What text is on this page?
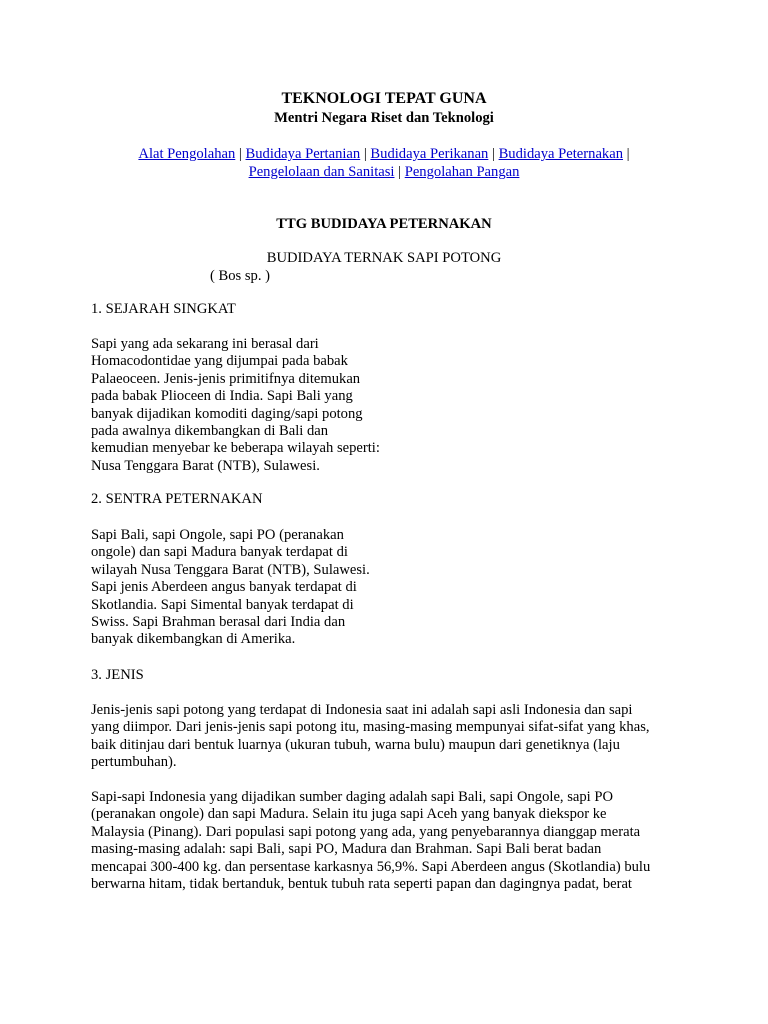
TEKNOLOGI TEPAT GUNA
Mentri Negara Riset dan Teknologi
Alat Pengolahan | Budidaya Pertanian | Budidaya Perikanan | Budidaya Peternakan |
Pengelolaan dan Sanitasi | Pengolahan Pangan
TTG BUDIDAYA PETERNAKAN
BUDIDAYA TERNAK SAPI POTONG
( Bos sp. )
1. SEJARAH SINGKAT
Sapi yang ada sekarang ini berasal dari
Homacodontidae yang dijumpai pada babak
Palaeoceen. Jenis-jenis primitifnya ditemukan
pada babak Plioceen di India. Sapi Bali yang
banyak dijadikan komoditi daging/sapi potong
pada awalnya dikembangkan di Bali dan
kemudian menyebar ke beberapa wilayah seperti:
Nusa Tenggara Barat (NTB), Sulawesi.
2. SENTRA PETERNAKAN
Sapi Bali, sapi Ongole, sapi PO (peranakan
ongole) dan sapi Madura banyak terdapat di
wilayah Nusa Tenggara Barat (NTB), Sulawesi.
Sapi jenis Aberdeen angus banyak terdapat di
Skotlandia. Sapi Simental banyak terdapat di
Swiss. Sapi Brahman berasal dari India dan
banyak dikembangkan di Amerika.
3. JENIS
Jenis-jenis sapi potong yang terdapat di Indonesia saat ini adalah sapi asli Indonesia dan sapi
yang diimpor. Dari jenis-jenis sapi potong itu, masing-masing mempunyai sifat-sifat yang khas,
baik ditinjau dari bentuk luarnya (ukuran tubuh, warna bulu) maupun dari genetiknya (laju
pertumbuhan).
Sapi-sapi Indonesia yang dijadikan sumber daging adalah sapi Bali, sapi Ongole, sapi PO
(peranakan ongole) dan sapi Madura. Selain itu juga sapi Aceh yang banyak diekspor ke
Malaysia (Pinang). Dari populasi sapi potong yang ada, yang penyebarannya dianggap merata
masing-masing adalah: sapi Bali, sapi PO, Madura dan Brahman. Sapi Bali berat badan
mencapai 300-400 kg. dan persentase karkasnya 56,9%. Sapi Aberdeen angus (Skotlandia) bulu
berwarna hitam, tidak bertanduk, bentuk tubuh rata seperti papan dan dagingnya padat, berat
